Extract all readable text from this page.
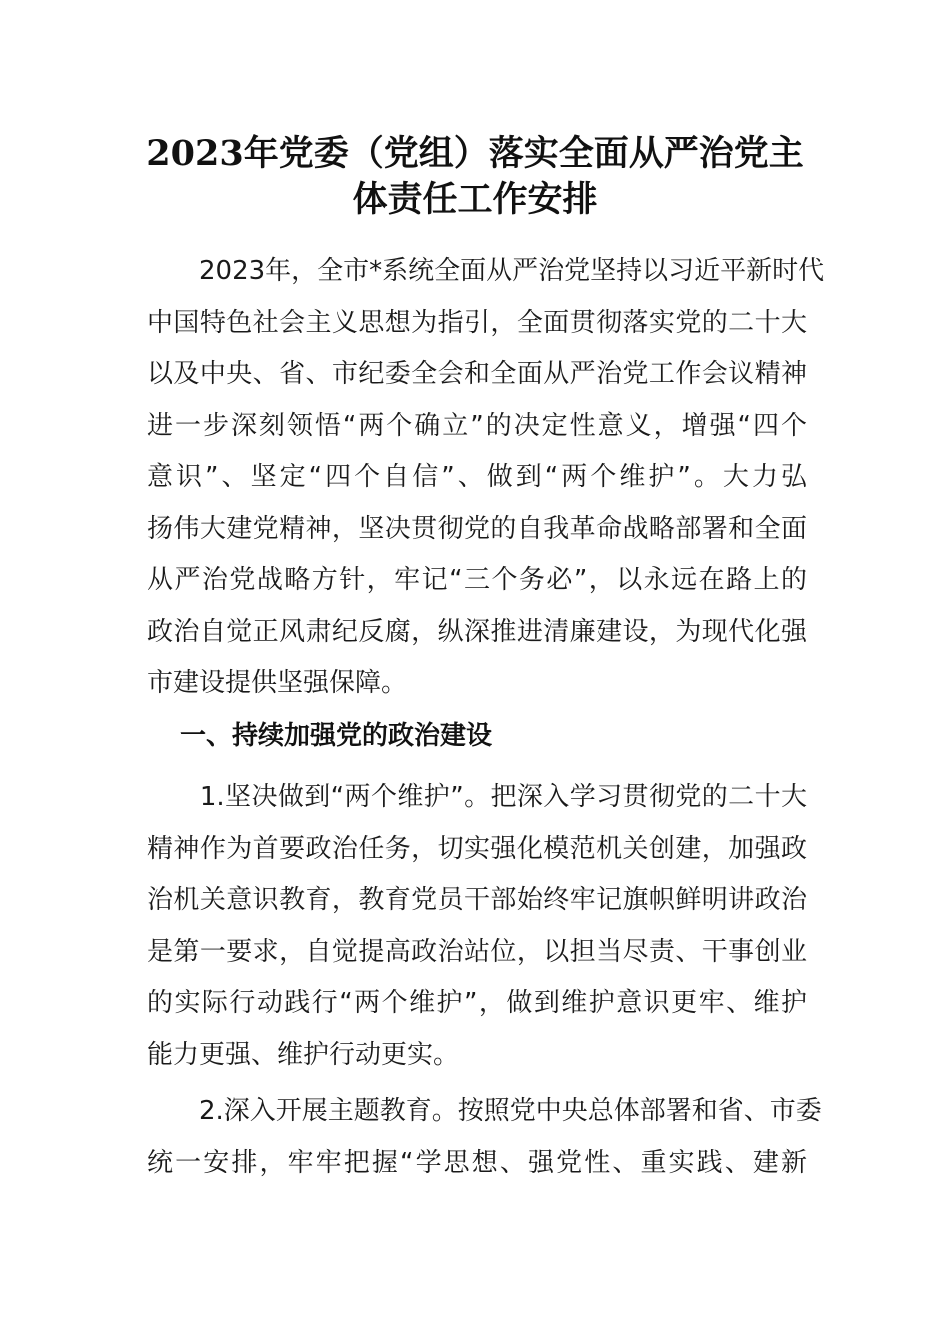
2023年党委（党组）落实全面从严治党主
体责任工作安排
　　2023年，全市*系统全面从严治党坚持以习近平新时代
中国特色社会主义思想为指引，全面贯彻落实党的二十大
以及中央、省、市纪委全会和全面从严治党工作会议精神
进一步深刻领悟“两个确立”的决定性意义，增强“四个
意识”、坚定“四个自信”、做到“两个维护”。大力弘
扬伟大建党精神，坚决贯彻党的自我革命战略部署和全面
从严治党战略方针，牢记“三个务必”，以永远在路上的
政治自觉正风肃纪反腐，纵深推进清廉建设，为现代化强
市建设提供坚强保障。
一、持续加强党的政治建设
　　1.坚决做到“两个维护”。把深入学习贯彻党的二十大
精神作为首要政治任务，切实强化模范机关创建，加强政
治机关意识教育，教育党员干部始终牢记旗帜鲜明讲政治
是第一要求，自觉提高政治站位，以担当尽责、干事创业
的实际行动践行“两个维护”，做到维护意识更牢、维护
能力更强、维护行动更实。
　　2.深入开展主题教育。按照党中央总体部署和省、市委
统一安排，牢牢把握“学思想、强党性、重实践、建新
